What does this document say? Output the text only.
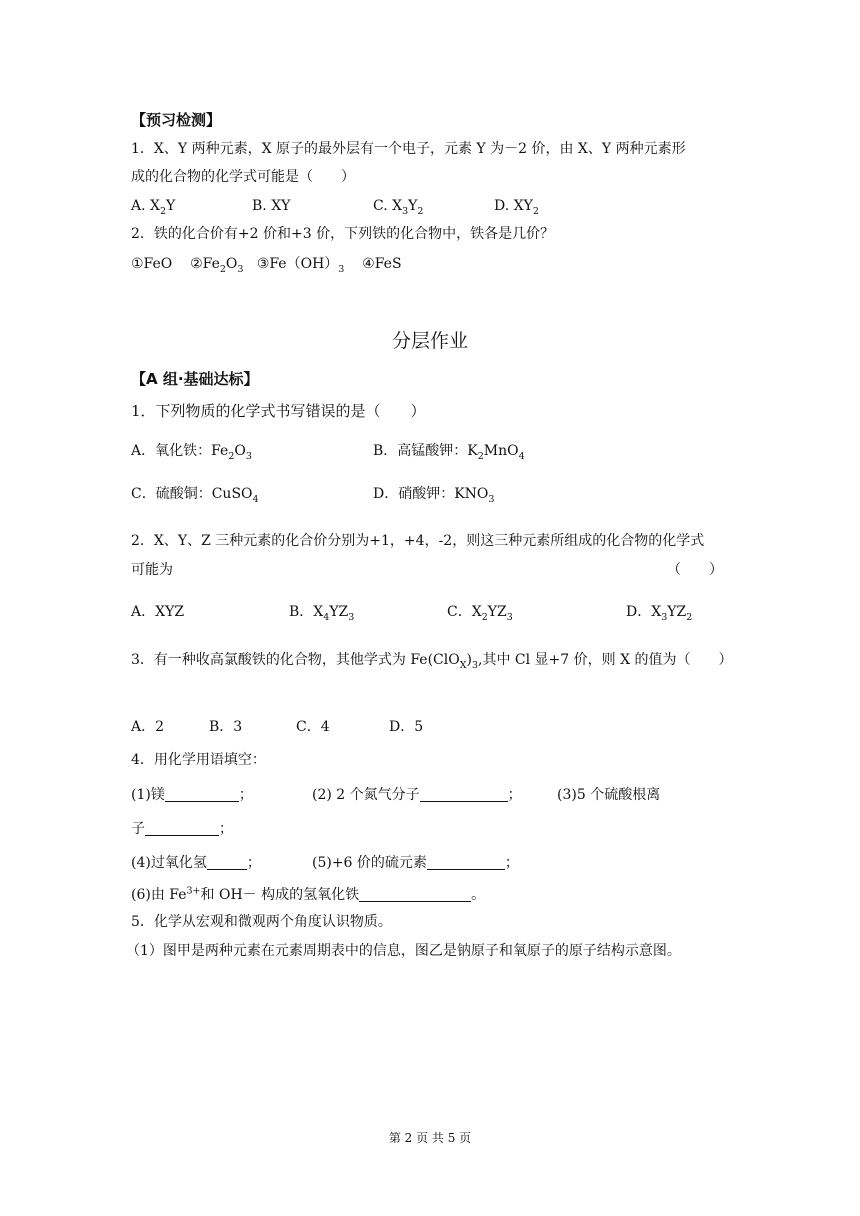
【预习检测】
1．X、Y 两种元素，X 原子的最外层有一个电子，元素 Y 为－2 价，由 X、Y 两种元素形
成的化合物的化学式可能是（　　）
A. $X_2Y$	B. XY	C. $X_3Y_2$	D. $XY_2$
2．铁的化合价有+2 价和+3 价，下列铁的化合物中，铁各是几价？
①FeO $②Fe_2O_3$ $③Fe(OH)_3$ ④FeS
分层作业
【A 组·基础达标】
1．下列物质的化学式书写错误的是（　　）
A．氧化铁：$Fe_2O_3$	B．高锰酸钾：$K_2MnO_4$
C．硫酸铜：CuSO$_4$	D．硝酸钾：$KNO_3$
2．X、Y、Z 三种元素的化合价分别为+1，+4，-2，则这三种元素所组成的化合物的化学式
可能为	（　　）
A．XYZ	B．$X_4YZ_3$	C．$X_2YZ_3$	D．$X_3YZ_2$
3．有一种收高氯酸铁的化合物，其他学式为 $Fe(ClO_X)_3$,其中 Cl 显+7 价，则 X 的值为（　　）
A．2	B．3	C．4	D．5
4．用化学用语填空：
(1)镁	；	(2) 2 个氮气分子	；	(3)5 个硫酸根离
子	；
(4)过氧化氢	；	(5)+6 价的硫元素	；
(6)由 $Fe^{3+}$和 OH－ 构成的氢氧化铁	。
5．化学从宏观和微观两个角度认识物质。
（1）图甲是两种元素在元素周期表中的信息，图乙是钠原子和氧原子的原子结构示意图。
第 2 页 共 5 页
